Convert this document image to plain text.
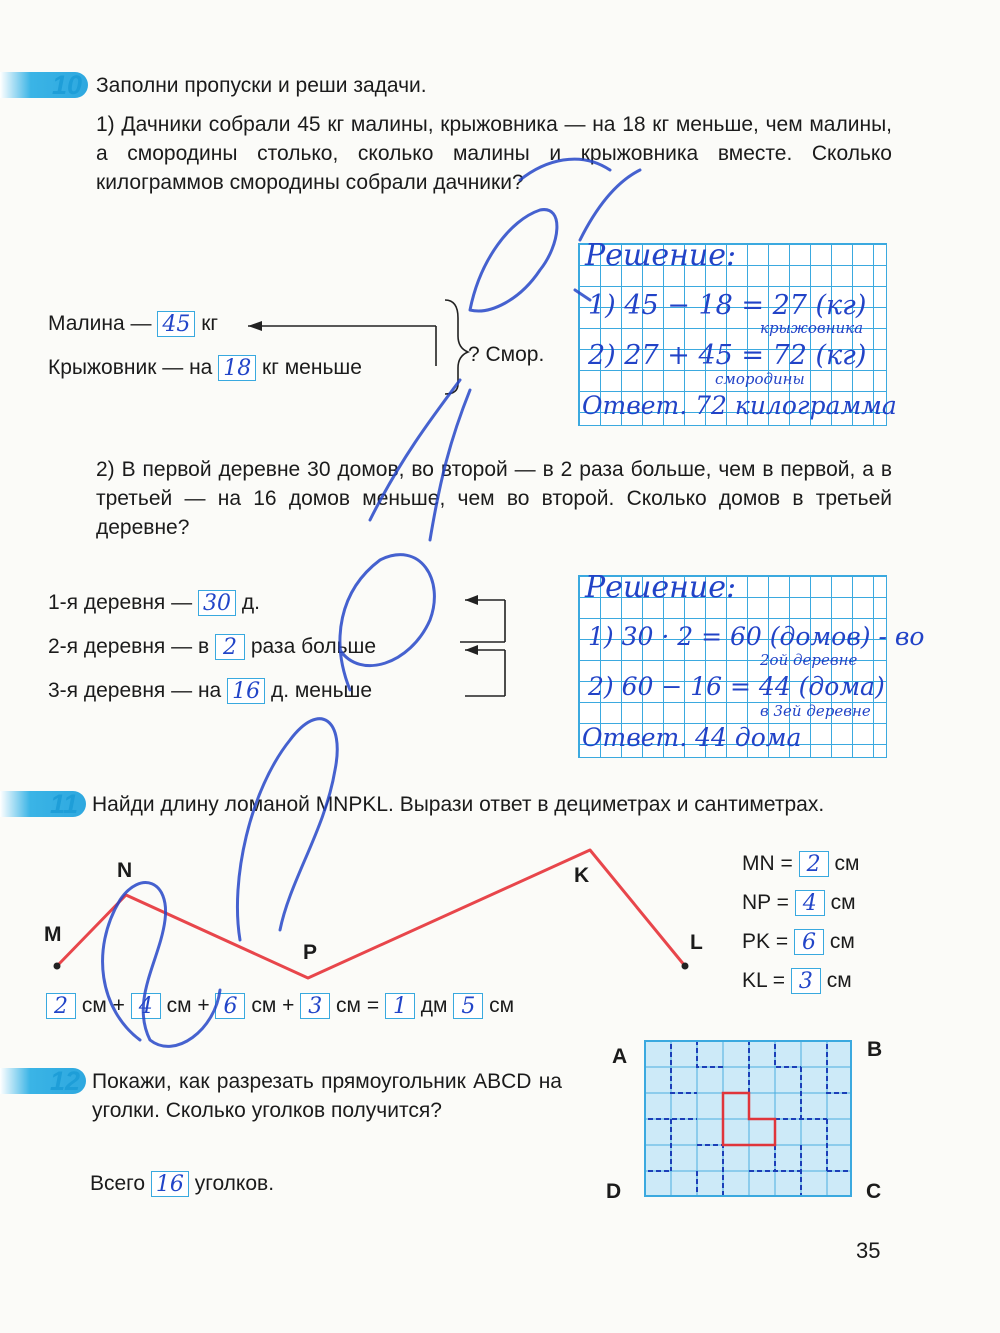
10 Заполни пропуски и реши задачи.
1) Дачники собрали 45 кг малины, крыжовника — на 18 кг меньше, чем малины, а смородины столько, сколько малины и крыжовника вместе. Сколько килограммов смородины собрали дачники?
Малина — 45 кг
Крыжовник — на 18 кг меньше
? Смор.
Решение:
1) 45 − 18 = 27 (кг)
крыжовника
2) 27 + 45 = 72 (кг)
смородины
Ответ. 72 килограмма
2) В первой деревне 30 домов, во второй — в 2 раза больше, чем в первой, а в третьей — на 16 домов меньше, чем во второй. Сколько домов в третьей деревне?
1-я деревня — 30 д.
2-я деревня — в 2 раза больше
3-я деревня — на 16 д. меньше
Решение:
1) 30 · 2 = 60 (домов) - во
2ой деревне
2) 60 − 16 = 44 (дома)
в 3ей деревне
Ответ. 44 дома
11 Найди длину ломаной MNPKL. Вырази ответ в дециметрах и сантиметрах.
M
N
P
K
L
MN = 2 см
NP = 4 см
PK = 6 см
KL = 3 см
2 см + 4 см + 6 см + 3 см = 1 дм 5 см
12 Покажи, как разрезать прямоугольник ABCD на уголки. Сколько уголков получится?
Всего 16 уголков.
A	B
C
D
35
